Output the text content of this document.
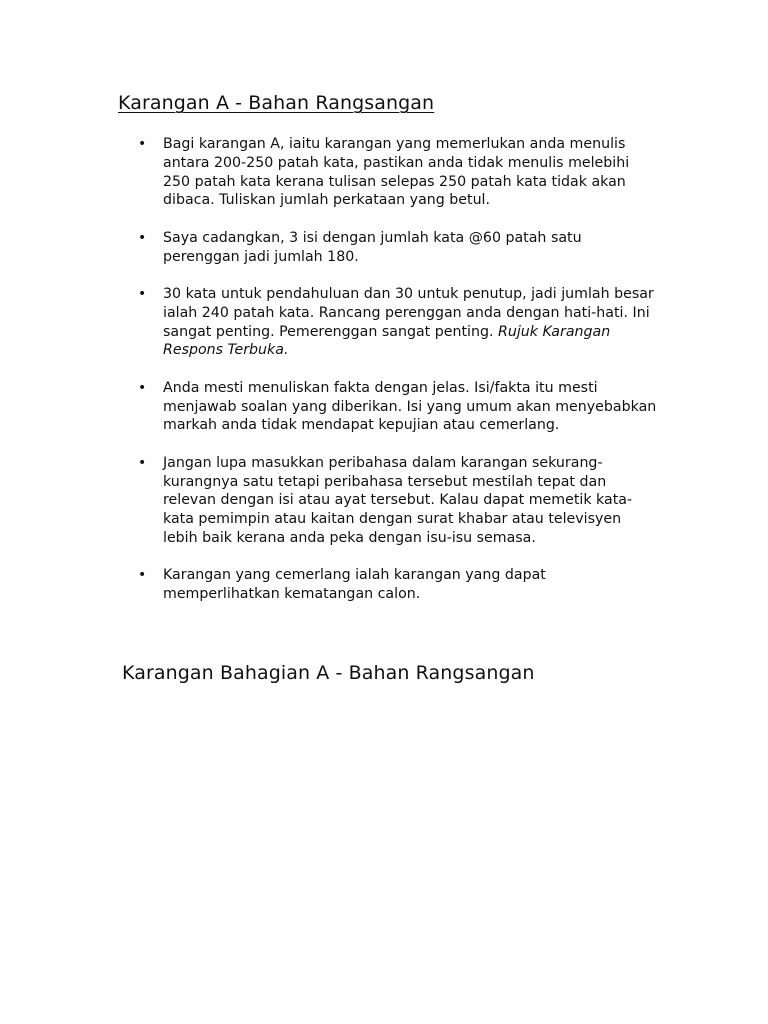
Karangan A - Bahan Rangsangan
• Bagi karangan A, iaitu karangan yang memerlukan anda menulis antara 200-250 patah kata, pastikan anda tidak menulis melebihi 250 patah kata kerana tulisan selepas 250 patah kata tidak akan dibaca. Tuliskan jumlah perkataan yang betul.
• Saya cadangkan, 3 isi dengan jumlah kata @60 patah satu perenggan jadi jumlah 180.
• 30 kata untuk pendahuluan dan 30 untuk penutup, jadi jumlah besar ialah 240 patah kata. Rancang perenggan anda dengan hati-hati. Ini sangat penting. Pemerenggan sangat penting. Rujuk Karangan Respons Terbuka.
• Anda mesti menuliskan fakta dengan jelas. Isi/fakta itu mesti menjawab soalan yang diberikan. Isi yang umum akan menyebabkan markah anda tidak mendapat kepujian atau cemerlang.
• Jangan lupa masukkan peribahasa dalam karangan sekurang-kurangnya satu tetapi peribahasa tersebut mestilah tepat dan relevan dengan isi atau ayat tersebut. Kalau dapat memetik kata-kata pemimpin atau kaitan dengan surat khabar atau televisyen lebih baik kerana anda peka dengan isu-isu semasa.
• Karangan yang cemerlang ialah karangan yang dapat memperlihatkan kematangan calon.
Karangan Bahagian A - Bahan Rangsangan
